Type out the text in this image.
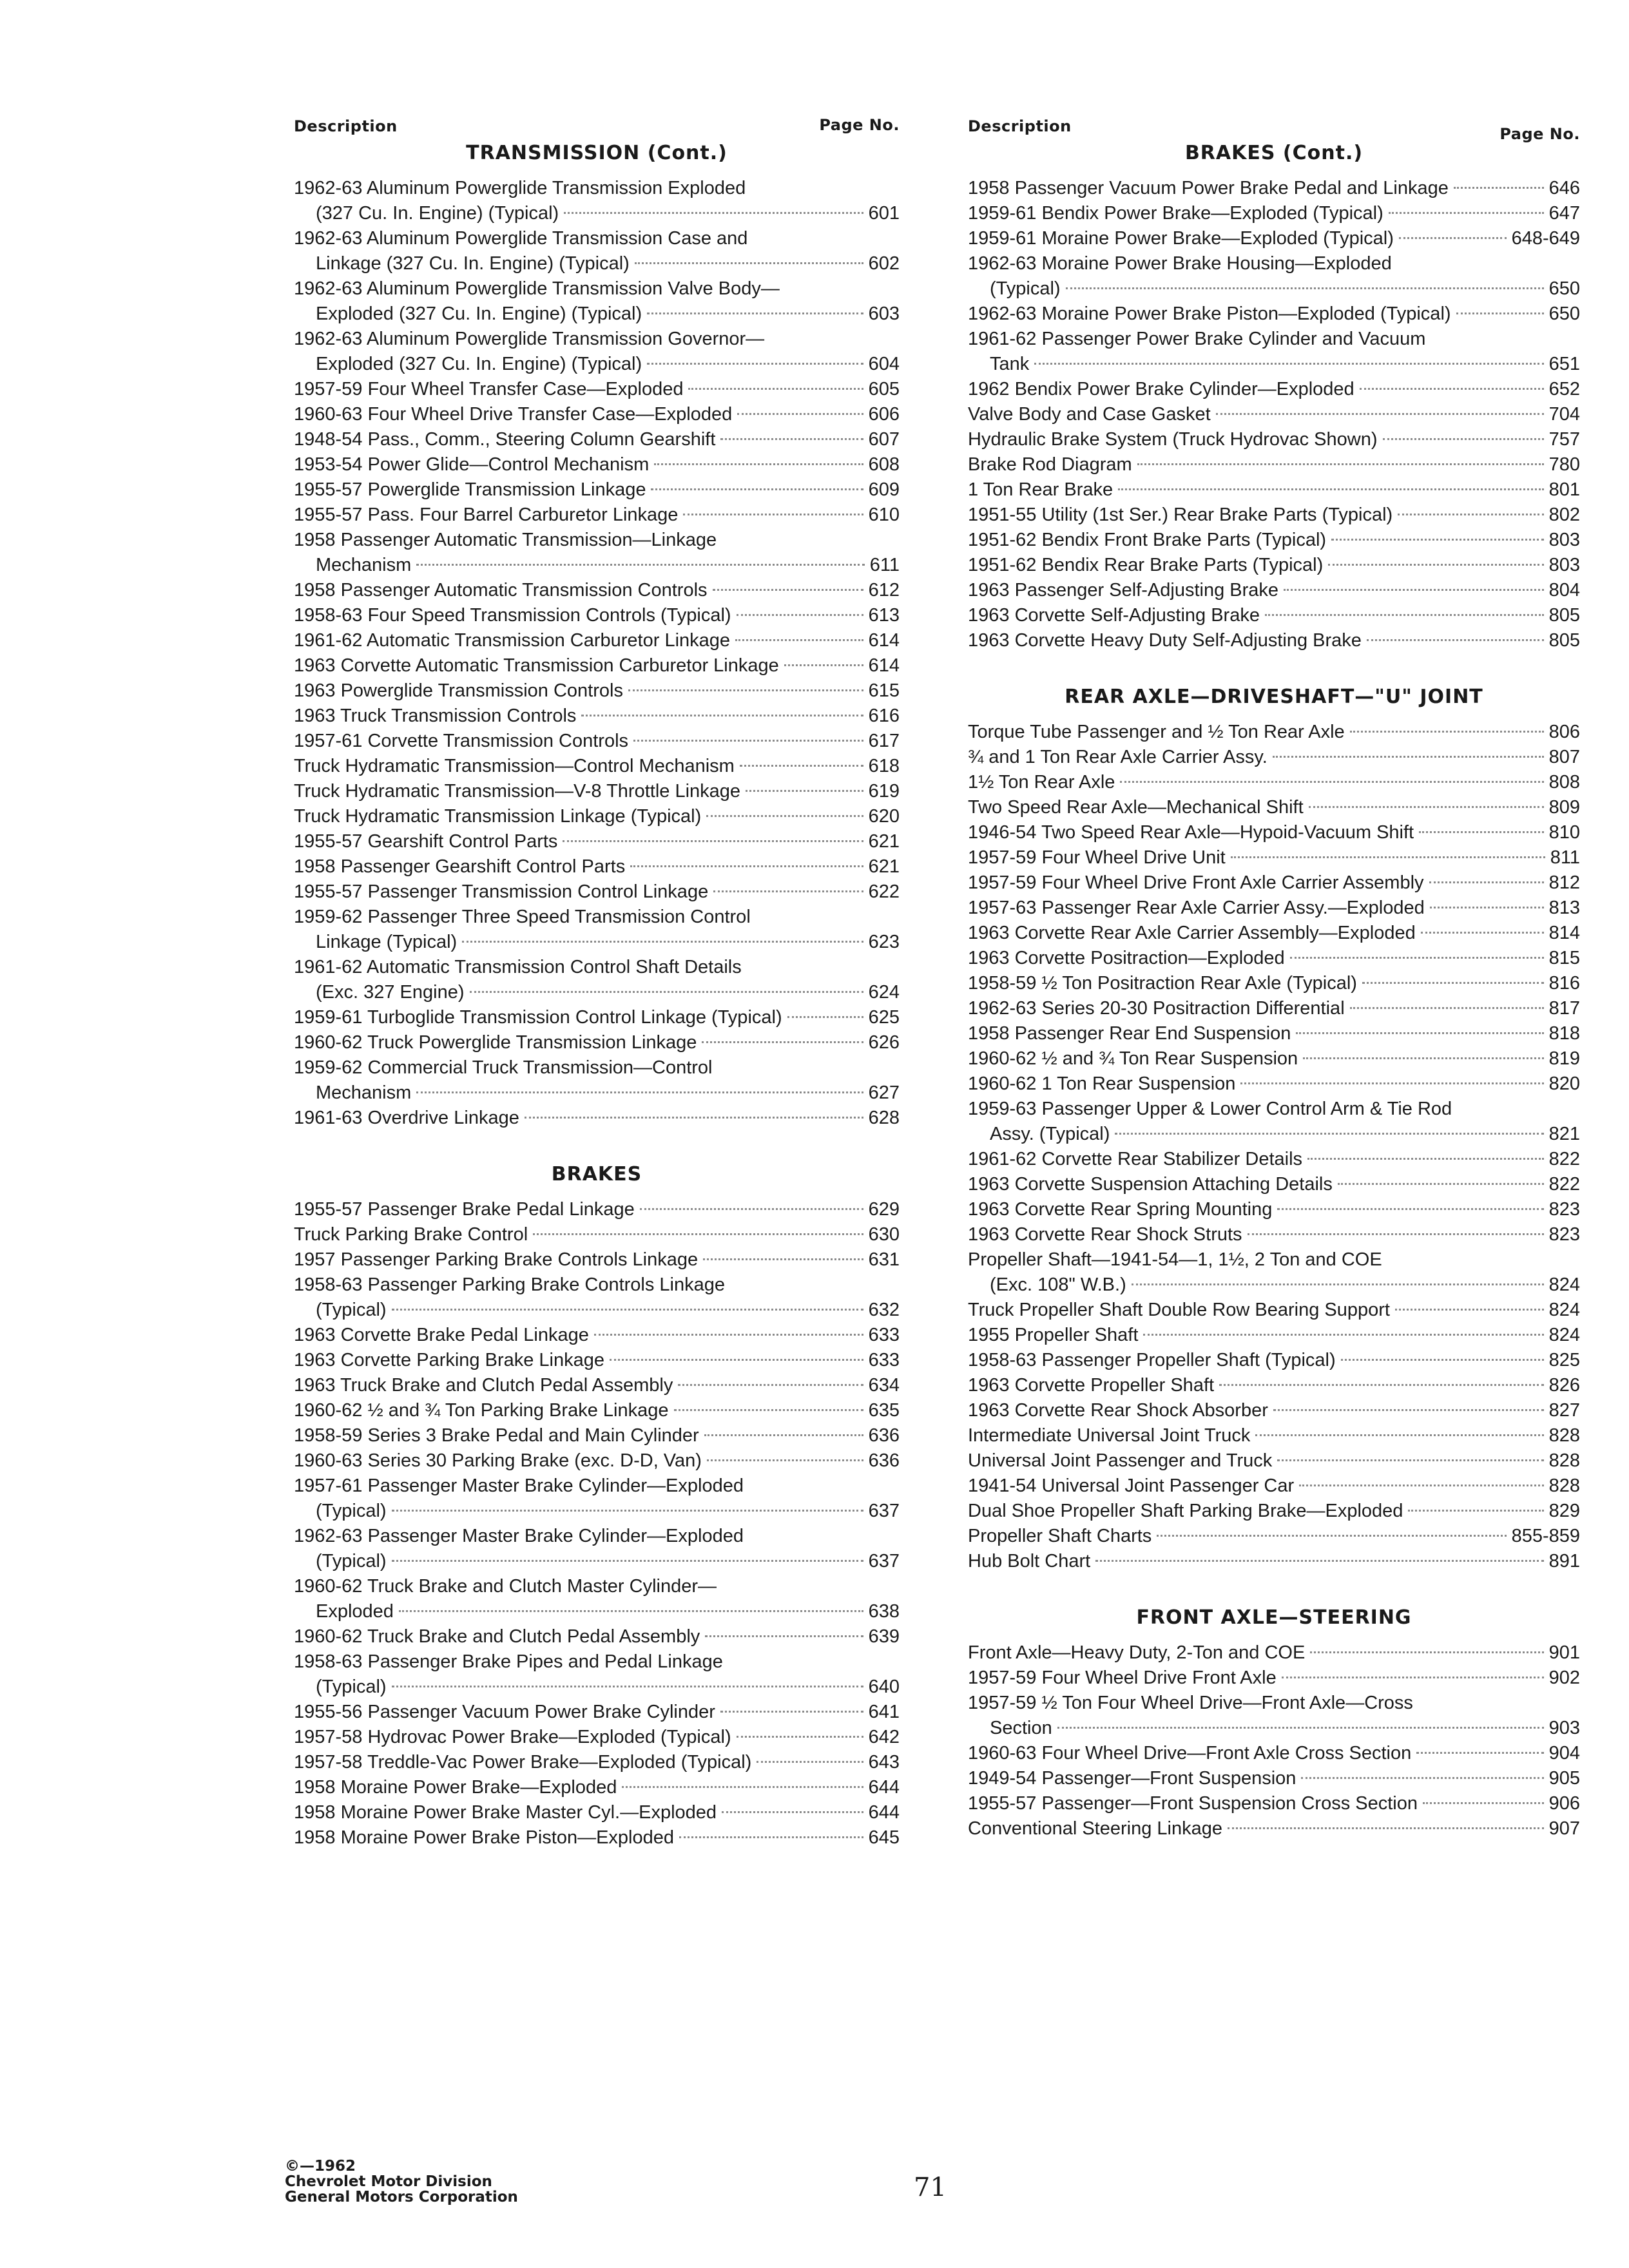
Description	Page No.
TRANSMISSION (Cont.)
1962-63 Aluminum Powerglide Transmission Exploded
(327 Cu. In. Engine) (Typical)	601
1962-63 Aluminum Powerglide Transmission Case and
Linkage (327 Cu. In. Engine) (Typical)	602
1962-63 Aluminum Powerglide Transmission Valve Body—
Exploded (327 Cu. In. Engine) (Typical)	603
1962-63 Aluminum Powerglide Transmission Governor—
Exploded (327 Cu. In. Engine) (Typical)	604
1957-59 Four Wheel Transfer Case—Exploded	605
1960-63 Four Wheel Drive Transfer Case—Exploded	606
1948-54 Pass., Comm., Steering Column Gearshift	607
1953-54 Power Glide—Control Mechanism	608
1955-57 Powerglide Transmission Linkage	609
1955-57 Pass. Four Barrel Carburetor Linkage	610
1958 Passenger Automatic Transmission—Linkage
Mechanism	611
1958 Passenger Automatic Transmission Controls	612
1958-63 Four Speed Transmission Controls (Typical)	613
1961-62 Automatic Transmission Carburetor Linkage	614
1963 Corvette Automatic Transmission Carburetor Linkage	614
1963 Powerglide Transmission Controls	615
1963 Truck Transmission Controls	616
1957-61 Corvette Transmission Controls	617
Truck Hydramatic Transmission—Control Mechanism	618
Truck Hydramatic Transmission—V-8 Throttle Linkage	619
Truck Hydramatic Transmission Linkage (Typical)	620
1955-57 Gearshift Control Parts	621
1958 Passenger Gearshift Control Parts	621
1955-57 Passenger Transmission Control Linkage	622
1959-62 Passenger Three Speed Transmission Control
Linkage (Typical)	623
1961-62 Automatic Transmission Control Shaft Details
(Exc. 327 Engine)	624
1959-61 Turboglide Transmission Control Linkage (Typical)	625
1960-62 Truck Powerglide Transmission Linkage	626
1959-62 Commercial Truck Transmission—Control
Mechanism	627
1961-63 Overdrive Linkage	628
BRAKES
1955-57 Passenger Brake Pedal Linkage	629
Truck Parking Brake Control	630
1957 Passenger Parking Brake Controls Linkage	631
1958-63 Passenger Parking Brake Controls Linkage
(Typical)	632
1963 Corvette Brake Pedal Linkage	633
1963 Corvette Parking Brake Linkage	633
1963 Truck Brake and Clutch Pedal Assembly	634
1960-62 ½ and ¾ Ton Parking Brake Linkage	635
1958-59 Series 3 Brake Pedal and Main Cylinder	636
1960-63 Series 30 Parking Brake (exc. D-D, Van)	636
1957-61 Passenger Master Brake Cylinder—Exploded
(Typical)	637
1962-63 Passenger Master Brake Cylinder—Exploded
(Typical)	637
1960-62 Truck Brake and Clutch Master Cylinder—
Exploded	638
1960-62 Truck Brake and Clutch Pedal Assembly	639
1958-63 Passenger Brake Pipes and Pedal Linkage
(Typical)	640
1955-56 Passenger Vacuum Power Brake Cylinder	641
1957-58 Hydrovac Power Brake—Exploded (Typical)	642
1957-58 Treddle-Vac Power Brake—Exploded (Typical)	643
1958 Moraine Power Brake—Exploded	644
1958 Moraine Power Brake Master Cyl.—Exploded	644
1958 Moraine Power Brake Piston—Exploded	645
Description	Page No.
BRAKES (Cont.)
1958 Passenger Vacuum Power Brake Pedal and Linkage	646
1959-61 Bendix Power Brake—Exploded (Typical)	647
1959-61 Moraine Power Brake—Exploded (Typical)	648-649
1962-63 Moraine Power Brake Housing—Exploded
(Typical)	650
1962-63 Moraine Power Brake Piston—Exploded (Typical)	650
1961-62 Passenger Power Brake Cylinder and Vacuum
Tank	651
1962 Bendix Power Brake Cylinder—Exploded	652
Valve Body and Case Gasket	704
Hydraulic Brake System (Truck Hydrovac Shown)	757
Brake Rod Diagram	780
1 Ton Rear Brake	801
1951-55 Utility (1st Ser.) Rear Brake Parts (Typical)	802
1951-62 Bendix Front Brake Parts (Typical)	803
1951-62 Bendix Rear Brake Parts (Typical)	803
1963 Passenger Self-Adjusting Brake	804
1963 Corvette Self-Adjusting Brake	805
1963 Corvette Heavy Duty Self-Adjusting Brake	805
REAR AXLE—DRIVESHAFT—"U" JOINT
Torque Tube Passenger and ½ Ton Rear Axle	806
¾ and 1 Ton Rear Axle Carrier Assy.	807
1½ Ton Rear Axle	808
Two Speed Rear Axle—Mechanical Shift	809
1946-54 Two Speed Rear Axle—Hypoid-Vacuum Shift	810
1957-59 Four Wheel Drive Unit	811
1957-59 Four Wheel Drive Front Axle Carrier Assembly	812
1957-63 Passenger Rear Axle Carrier Assy.—Exploded	813
1963 Corvette Rear Axle Carrier Assembly—Exploded	814
1963 Corvette Positraction—Exploded	815
1958-59 ½ Ton Positraction Rear Axle (Typical)	816
1962-63 Series 20-30 Positraction Differential	817
1958 Passenger Rear End Suspension	818
1960-62 ½ and ¾ Ton Rear Suspension	819
1960-62 1 Ton Rear Suspension	820
1959-63 Passenger Upper & Lower Control Arm & Tie Rod
Assy. (Typical)	821
1961-62 Corvette Rear Stabilizer Details	822
1963 Corvette Suspension Attaching Details	822
1963 Corvette Rear Spring Mounting	823
1963 Corvette Rear Shock Struts	823
Propeller Shaft—1941-54—1, 1½, 2 Ton and COE
(Exc. 108" W.B.)	824
Truck Propeller Shaft Double Row Bearing Support	824
1955 Propeller Shaft	824
1958-63 Passenger Propeller Shaft (Typical)	825
1963 Corvette Propeller Shaft	826
1963 Corvette Rear Shock Absorber	827
Intermediate Universal Joint Truck	828
Universal Joint Passenger and Truck	828
1941-54 Universal Joint Passenger Car	828
Dual Shoe Propeller Shaft Parking Brake—Exploded	829
Propeller Shaft Charts	855-859
Hub Bolt Chart	891
FRONT AXLE—STEERING
Front Axle—Heavy Duty, 2-Ton and COE	901
1957-59 Four Wheel Drive Front Axle	902
1957-59 ½ Ton Four Wheel Drive—Front Axle—Cross
Section	903
1960-63 Four Wheel Drive—Front Axle Cross Section	904
1949-54 Passenger—Front Suspension	905
1955-57 Passenger—Front Suspension Cross Section	906
Conventional Steering Linkage	907
©—1962
Chevrolet Motor Division
General Motors Corporation	71
